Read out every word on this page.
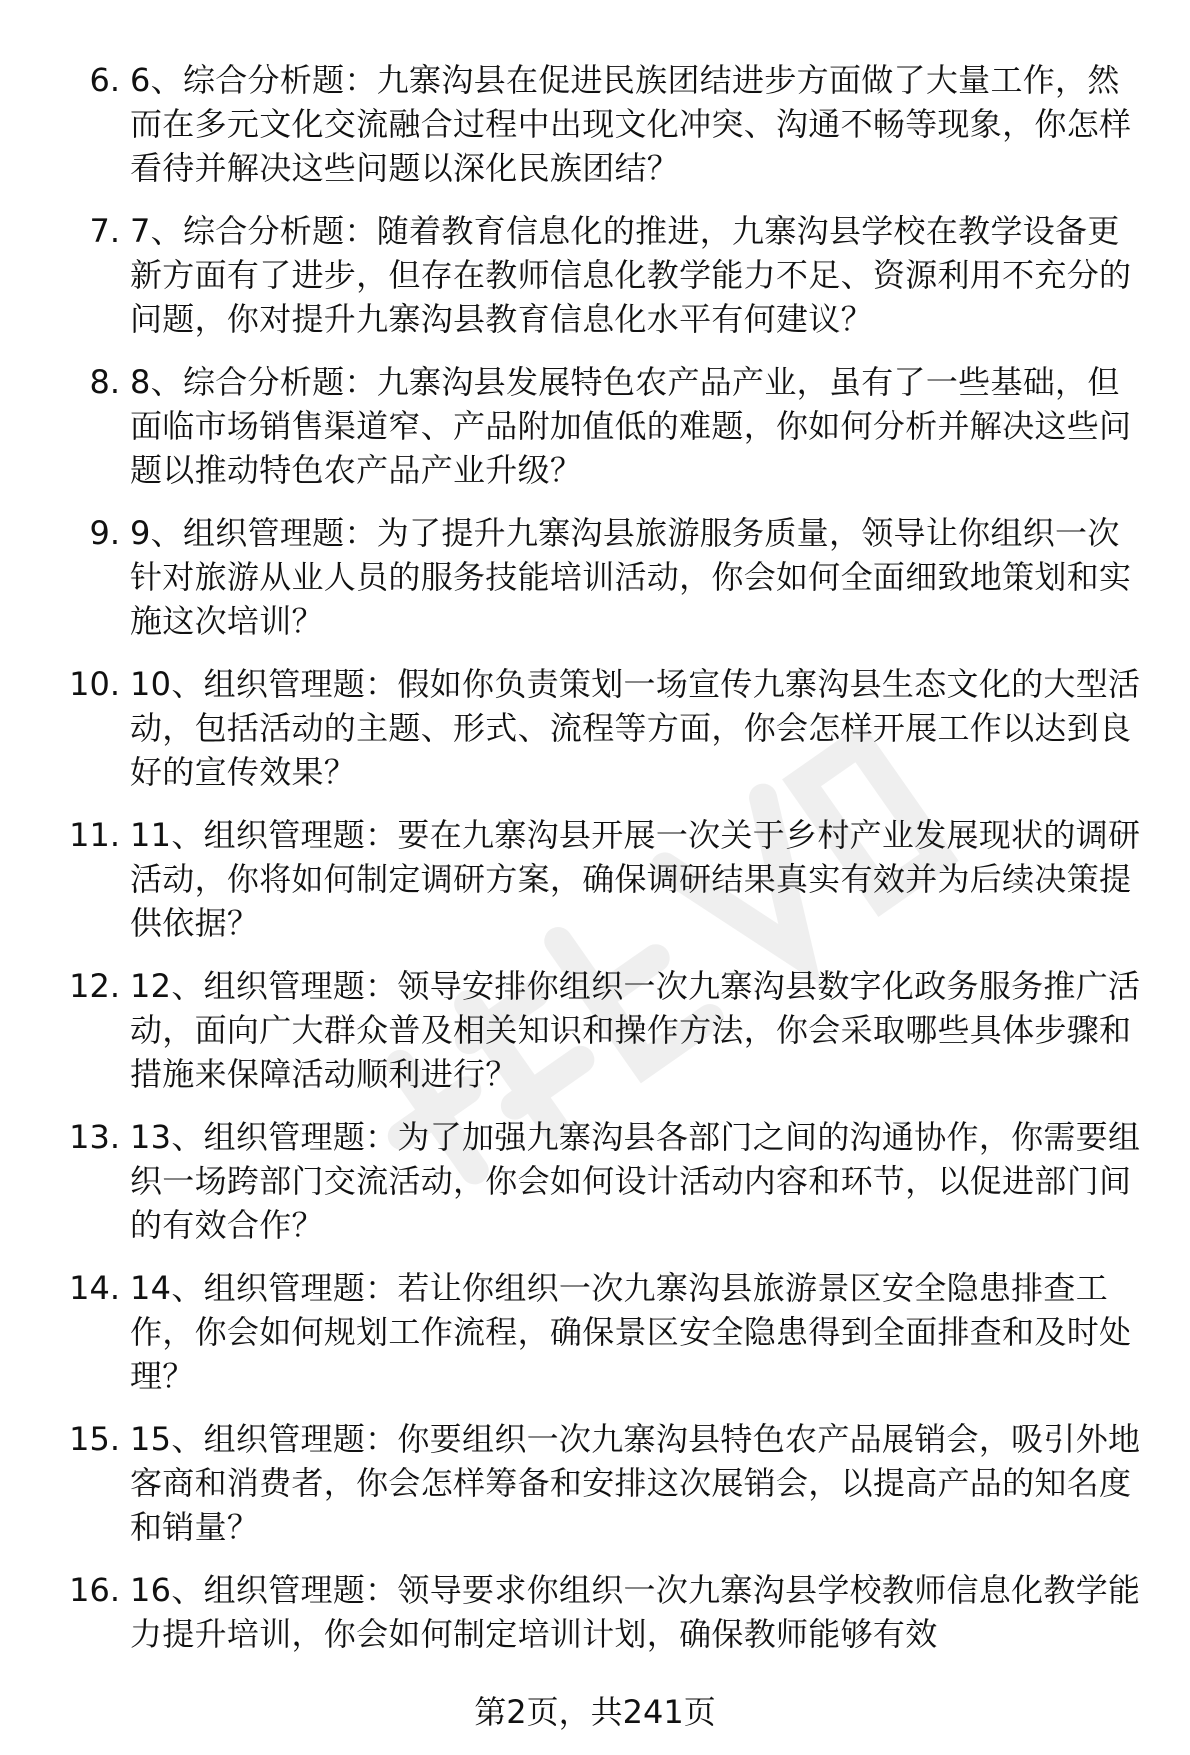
6. 6、综合分析题：九寨沟县在促进民族团结进步方面做了大量工作，然而在多元文化交流融合过程中出现文化冲突、沟通不畅等现象，你怎样看待并解决这些问题以深化民族团结？
7. 7、综合分析题：随着教育信息化的推进，九寨沟县学校在教学设备更新方面有了进步，但存在教师信息化教学能力不足、资源利用不充分的问题，你对提升九寨沟县教育信息化水平有何建议？
8. 8、综合分析题：九寨沟县发展特色农产品产业，虽有了一些基础，但面临市场销售渠道窄、产品附加值低的难题，你如何分析并解决这些问题以推动特色农产品产业升级？
9. 9、组织管理题：为了提升九寨沟县旅游服务质量，领导让你组织一次针对旅游从业人员的服务技能培训活动，你会如何全面细致地策划和实施这次培训？
10. 10、组织管理题：假如你负责策划一场宣传九寨沟县生态文化的大型活动，包括活动的主题、形式、流程等方面，你会怎样开展工作以达到良好的宣传效果？
11. 11、组织管理题：要在九寨沟县开展一次关于乡村产业发展现状的调研活动，你将如何制定调研方案，确保调研结果真实有效并为后续决策提供依据？
12. 12、组织管理题：领导安排你组织一次九寨沟县数字化政务服务推广活动，面向广大群众普及相关知识和操作方法，你会采取哪些具体步骤和措施来保障活动顺利进行？
13. 13、组织管理题：为了加强九寨沟县各部门之间的沟通协作，你需要组织一场跨部门交流活动，你会如何设计活动内容和环节，以促进部门间的有效合作？
14. 14、组织管理题：若让你组织一次九寨沟县旅游景区安全隐患排查工作，你会如何规划工作流程，确保景区安全隐患得到全面排查和及时处理？
15. 15、组织管理题：你要组织一次九寨沟县特色农产品展销会，吸引外地客商和消费者，你会怎样筹备和安排这次展销会，以提高产品的知名度和销量？
16. 16、组织管理题：领导要求你组织一次九寨沟县学校教师信息化教学能力提升培训，你会如何制定培训计划，确保教师能够有效
第2页，共241页
